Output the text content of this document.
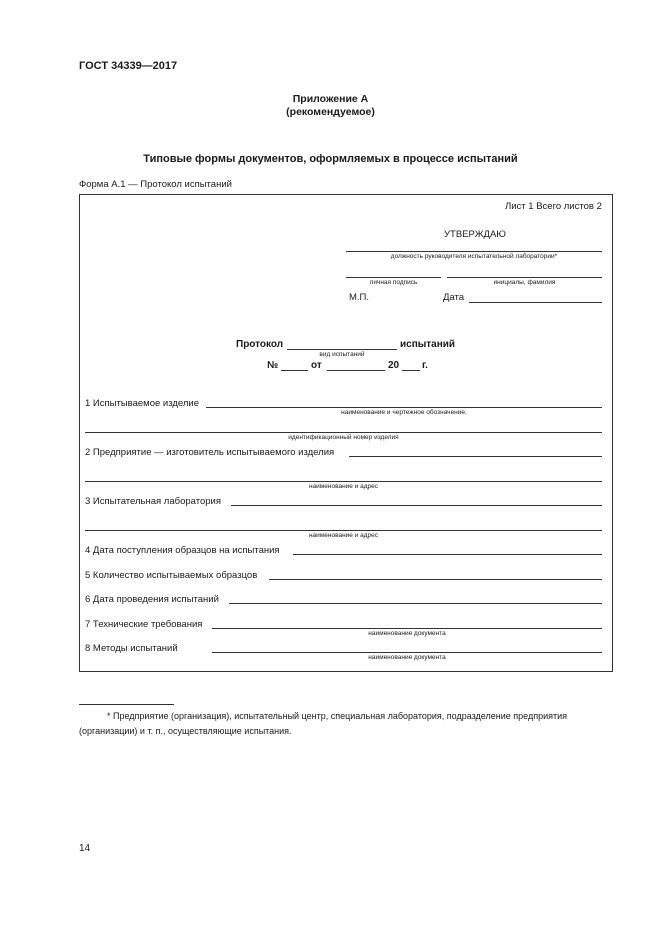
ГОСТ 34339—2017
Приложение А
(рекомендуемое)
Типовые формы документов, оформляемых в процессе испытаний
Форма А.1 — Протокол испытаний
Лист 1 Всего листов 2
УТВЕРЖДАЮ
должность руководителя испытательной лаборатории*
личная подпись	инициалы, фамилия
М.П.	Дата
Протокол	испытаний
вид испытаний
№	от	20 г.
1 Испытываемое изделие
наименование и чертежное обозначение,
идентификационный номер изделия
2 Предприятие — изготовитель испытываемого изделия
наименование и адрес
3 Испытательная лаборатория
наименование и адрес
4 Дата поступления образцов на испытания
5 Количество испытываемых образцов
6 Дата проведения испытаний
7 Технические требования
наименование документа
8 Методы испытаний
наименование документа
* Предприятие (организация), испытательный центр, специальная лаборатория, подразделение предприятия
(организации) и т. п., осуществляющие испытания.
14
